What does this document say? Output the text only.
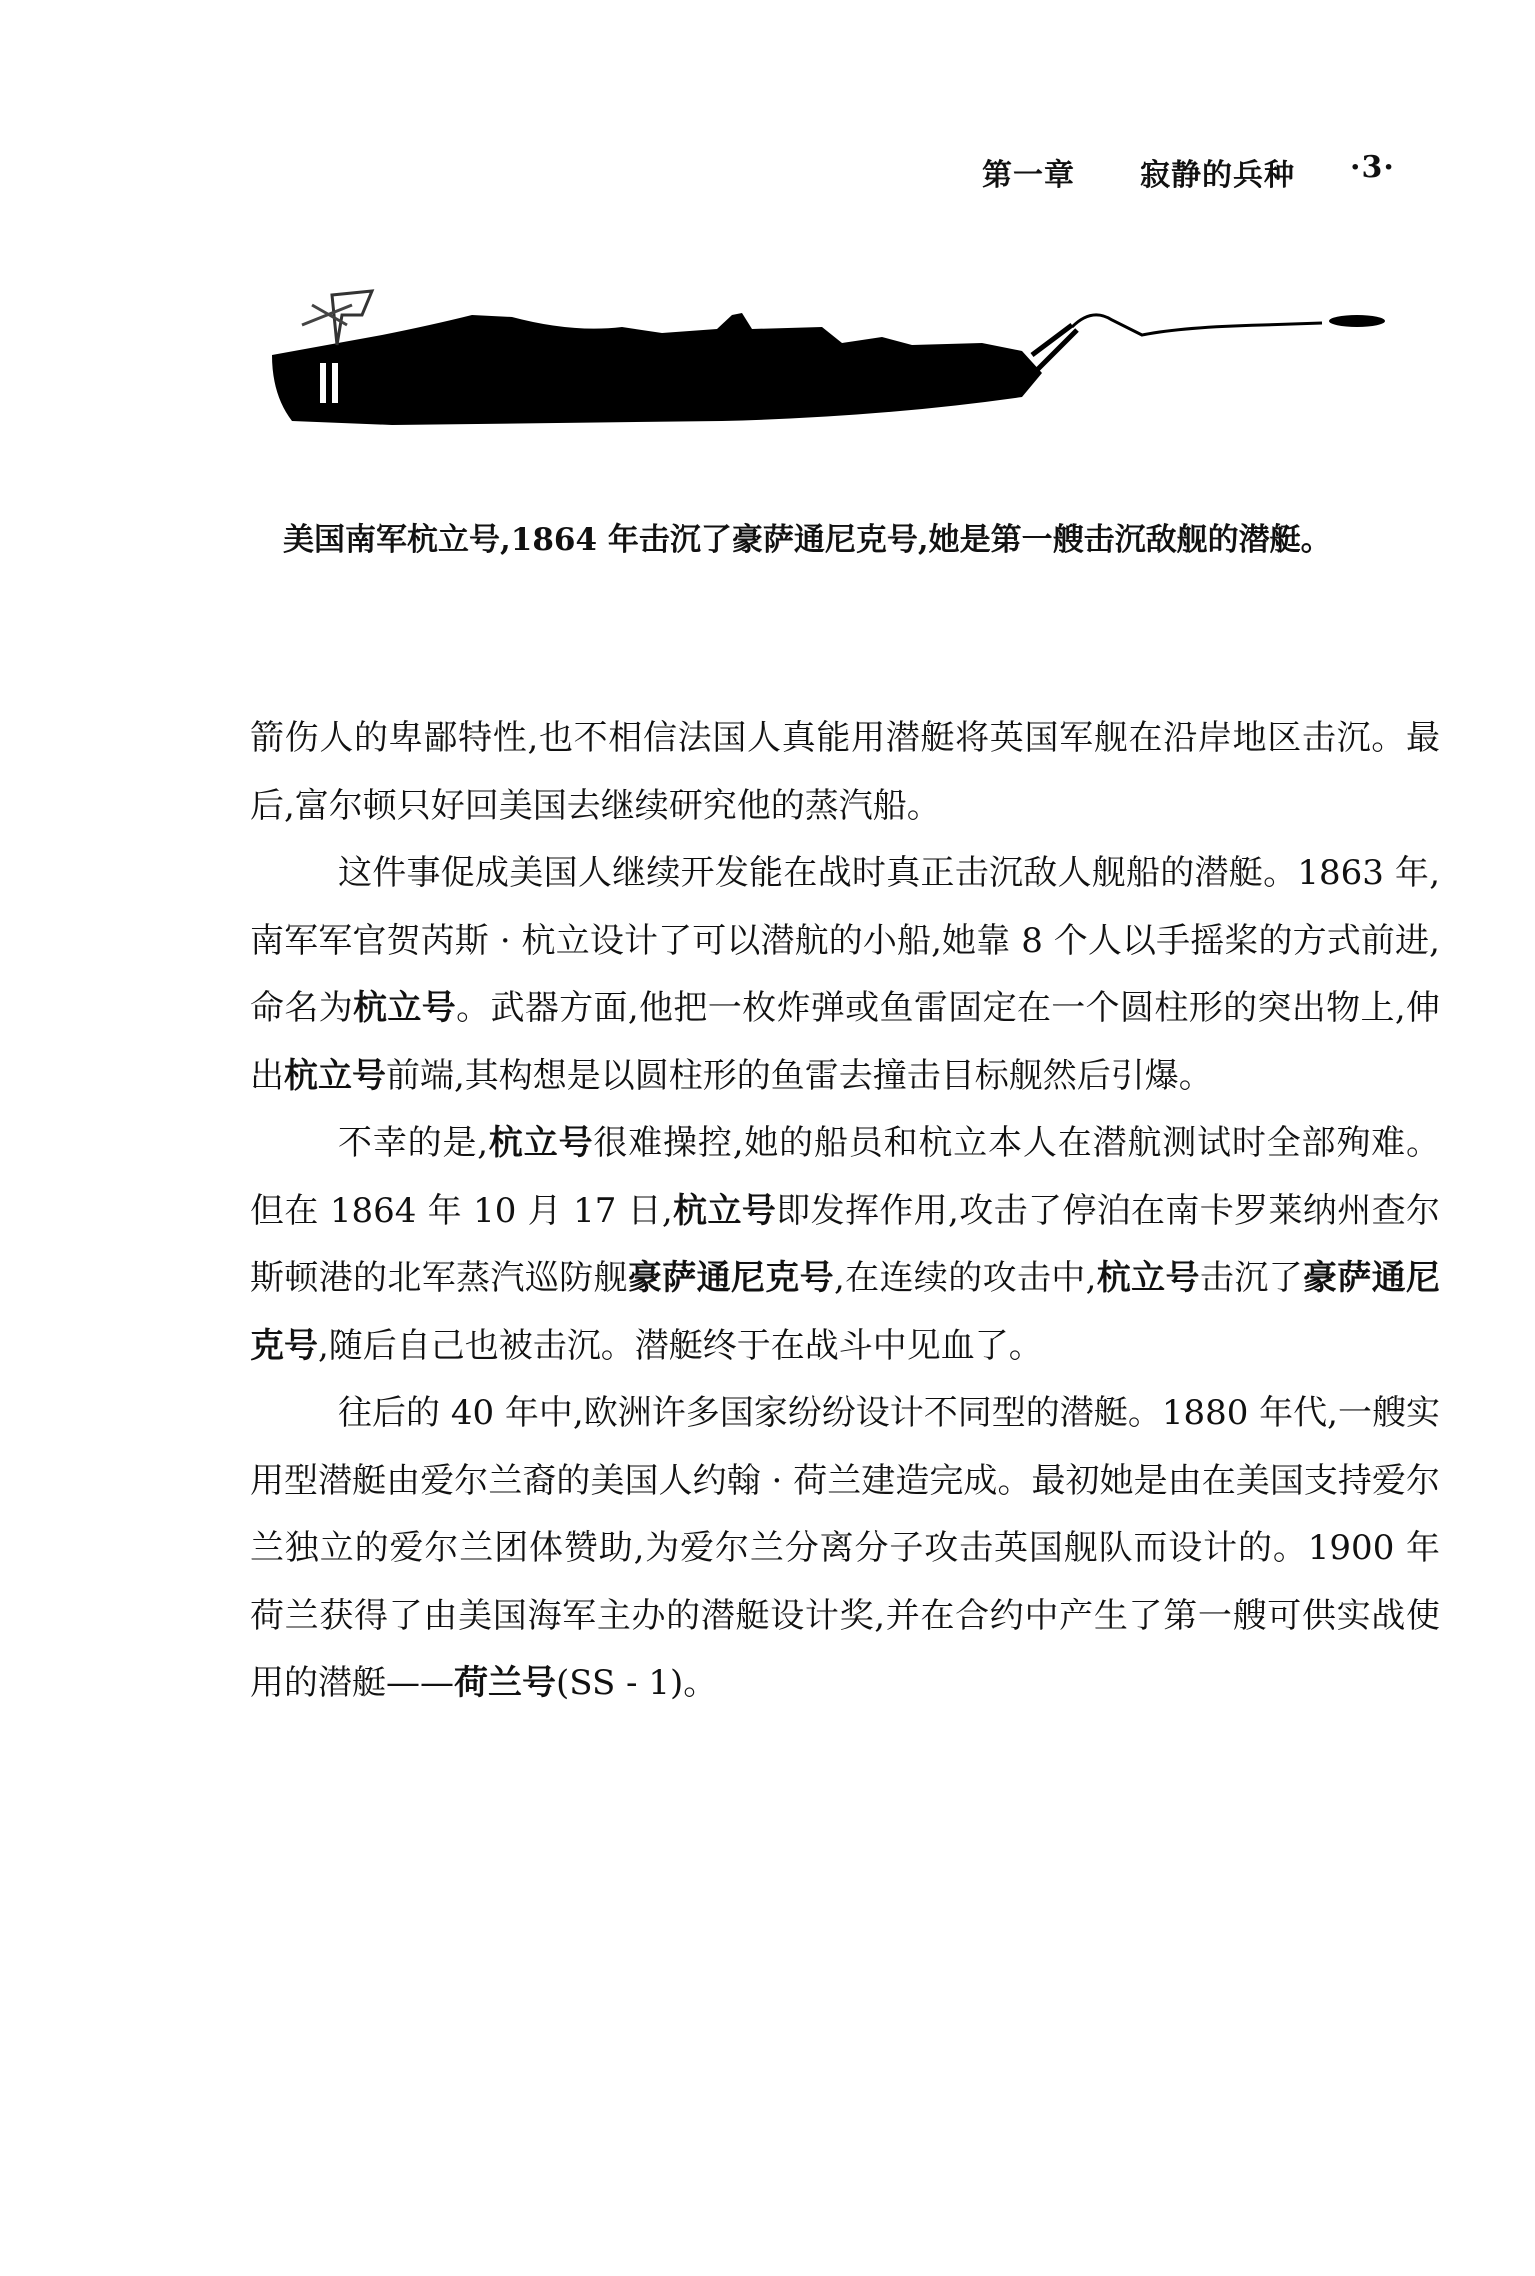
第一章 寂静的兵种 ·3·
美国南军杭立号,1864 年击沉了豪萨通尼克号,她是第一艘击沉敌舰的潜艇。

箭伤人的卑鄙特性,也不相信法国人真能用潜艇将英国军舰在沿岸地区击沉。最后,富尔顿只好回美国去继续研究他的蒸汽船。

这件事促成美国人继续开发能在战时真正击沉敌人舰船的潜艇。1863 年,南军军官贺芮斯 · 杭立设计了可以潜航的小船,她靠 8 个人以手摇桨的方式前进,命名为杭立号。武器方面,他把一枚炸弹或鱼雷固定在一个圆柱形的突出物上,伸出杭立号前端,其构想是以圆柱形的鱼雷去撞击目标舰然后引爆。

不幸的是,杭立号很难操控,她的船员和杭立本人在潜航测试时全部殉难。但在 1864 年 10 月 17 日,杭立号即发挥作用,攻击了停泊在南卡罗莱纳州查尔斯顿港的北军蒸汽巡防舰豪萨通尼克号,在连续的攻击中,杭立号击沉了豪萨通尼克号,随后自己也被击沉。潜艇终于在战斗中见血了。

往后的 40 年中,欧洲许多国家纷纷设计不同型的潜艇。1880 年代,一艘实用型潜艇由爱尔兰裔的美国人约翰 · 荷兰建造完成。最初她是由在美国支持爱尔兰独立的爱尔兰团体赞助,为爱尔兰分离分子攻击英国舰队而设计的。1900 年荷兰获得了由美国海军主办的潜艇设计奖,并在合约中产生了第一艘可供实战使用的潜艇——荷兰号(SS - 1)。
